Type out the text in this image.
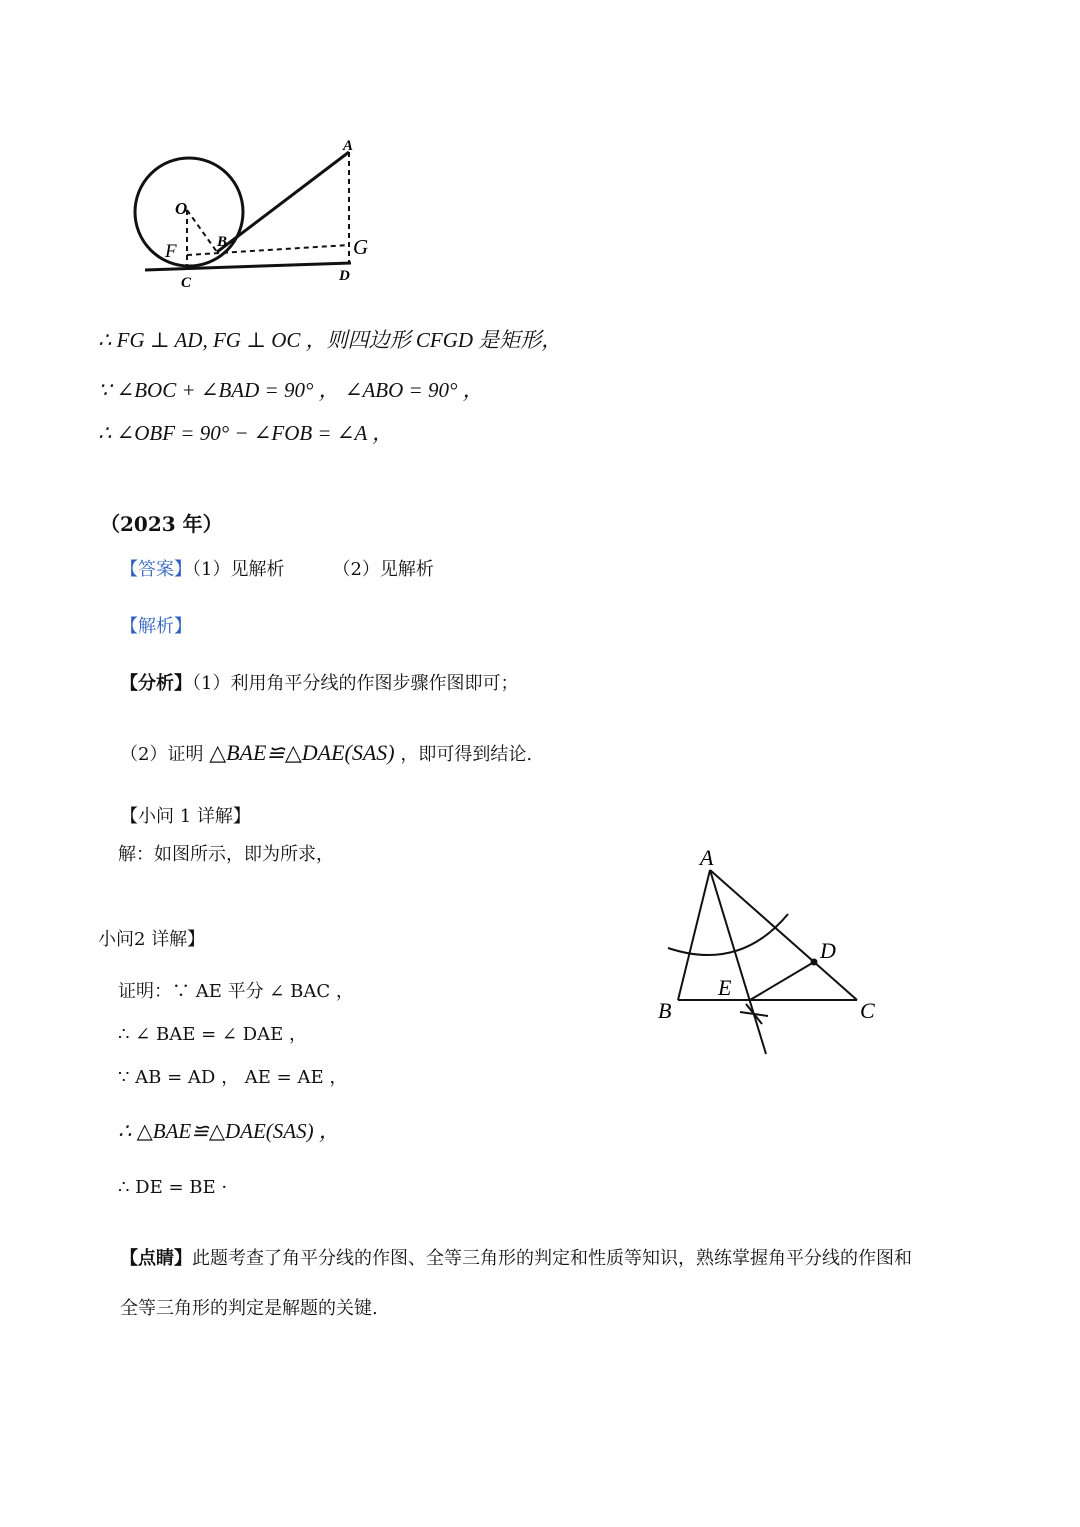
O
F	B
C
A
G
D
∴ FG ⊥ AD, FG ⊥ OC ，则四边形 CFGD 是矩形，
∵ ∠BOC + ∠BAD = 90° ， ∠ABO = 90° ，
∴ ∠OBF = 90° − ∠FOB = ∠A ，
（2023 年）
【答案】（1）见解析	（2）见解析
【解析】
【分析】（1）利用角平分线的作图步骤作图即可；
（2）证明 △BAE≌△DAE(SAS) ，即可得到结论.
【小问 1 详解】
解：如图所示，即为所求，
小问2 详解】
证明：∵ AE 平分 ∠ BAC ，
∴ ∠ BAE = ∠ DAE ，
∵ AB = AD ， AE = AE ，
∴ △BAE≌△DAE(SAS) ，
∴ DE = BE ·
A
B	C
D
E
【点睛】此题考查了角平分线的作图、全等三角形的判定和性质等知识，熟练掌握角平分线的作图和
全等三角形的判定是解题的关键.
